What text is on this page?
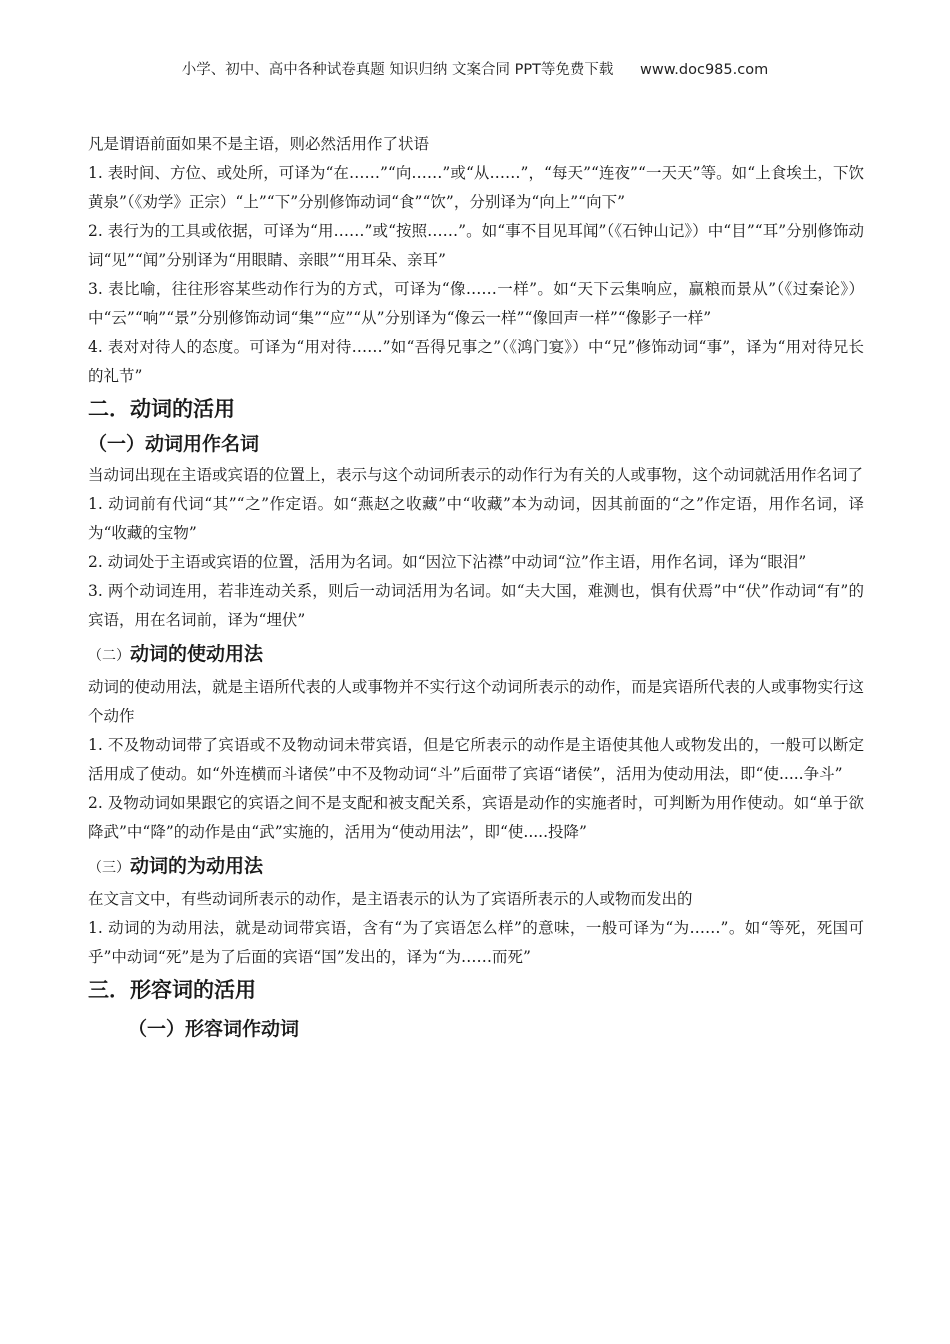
小学、初中、高中各种试卷真题 知识归纳 文案合同 PPT等免费下载 www.doc985.com

凡是谓语前面如果不是主语，则必然活用作了状语

1. 表时间、方位、或处所，可译为“在……”“向……”或“从……”，“每天”“连夜”“一天天”等。如“上食埃土，下饮黄泉”（《劝学》正宗）“上”“下”分别修饰动词“食”“饮”，分别译为“向上”“向下”

2. 表行为的工具或依据，可译为“用……”或“按照……”。如“事不目见耳闻”（《石钟山记》）中“目”“耳”分别修饰动词“见”“闻”分别译为“用眼睛、亲眼”“用耳朵、亲耳”

3. 表比喻，往往形容某些动作行为的方式，可译为“像……一样”。如“天下云集响应，赢粮而景从”（《过秦论》）中“云”“响”“景”分别修饰动词“集”“应”“从”分别译为“像云一样”“像回声一样”“像影子一样”

4. 表对对待人的态度。可译为“用对待……”如“吾得兄事之”（《鸿门宴》）中“兄”修饰动词“事”，译为“用对待兄长的礼节”

二．动词的活用
（一）动词用作名词

当动词出现在主语或宾语的位置上，表示与这个动词所表示的动作行为有关的人或事物，这个动词就活用作名词了

1. 动词前有代词“其”“之”作定语。如“燕赵之收藏”中“收藏”本为动词，因其前面的“之”作定语，用作名词，译为“收藏的宝物”

2. 动词处于主语或宾语的位置，活用为名词。如“因泣下沾襟”中动词“泣”作主语，用作名词，译为“眼泪”

3. 两个动词连用，若非连动关系，则后一动词活用为名词。如“夫大国，难测也，惧有伏焉”中“伏”作动词“有”的宾语，用在名词前，译为“埋伏”

（二）动词的使动用法

动词的使动用法，就是主语所代表的人或事物并不实行这个动词所表示的动作，而是宾语所代表的人或事物实行这个动作

1. 不及物动词带了宾语或不及物动词未带宾语，但是它所表示的动作是主语使其他人或物发出的，一般可以断定活用成了使动。如“外连横而斗诸侯”中不及物动词“斗”后面带了宾语“诸侯”，活用为使动用法，即“使.....争斗”

2. 及物动词如果跟它的宾语之间不是支配和被支配关系，宾语是动作的实施者时，可判断为用作使动。如“单于欲降武”中“降”的动作是由“武”实施的，活用为“使动用法”，即“使.....投降”

（三）动词的为动用法

在文言文中，有些动词所表示的动作，是主语表示的认为了宾语所表示的人或物而发出的

1. 动词的为动用法，就是动词带宾语，含有“为了宾语怎么样”的意味，一般可译为“为……”。如“等死，死国可乎”中动词“死”是为了后面的宾语“国”发出的，译为“为……而死”

三．形容词的活用
（一）形容词作动词
